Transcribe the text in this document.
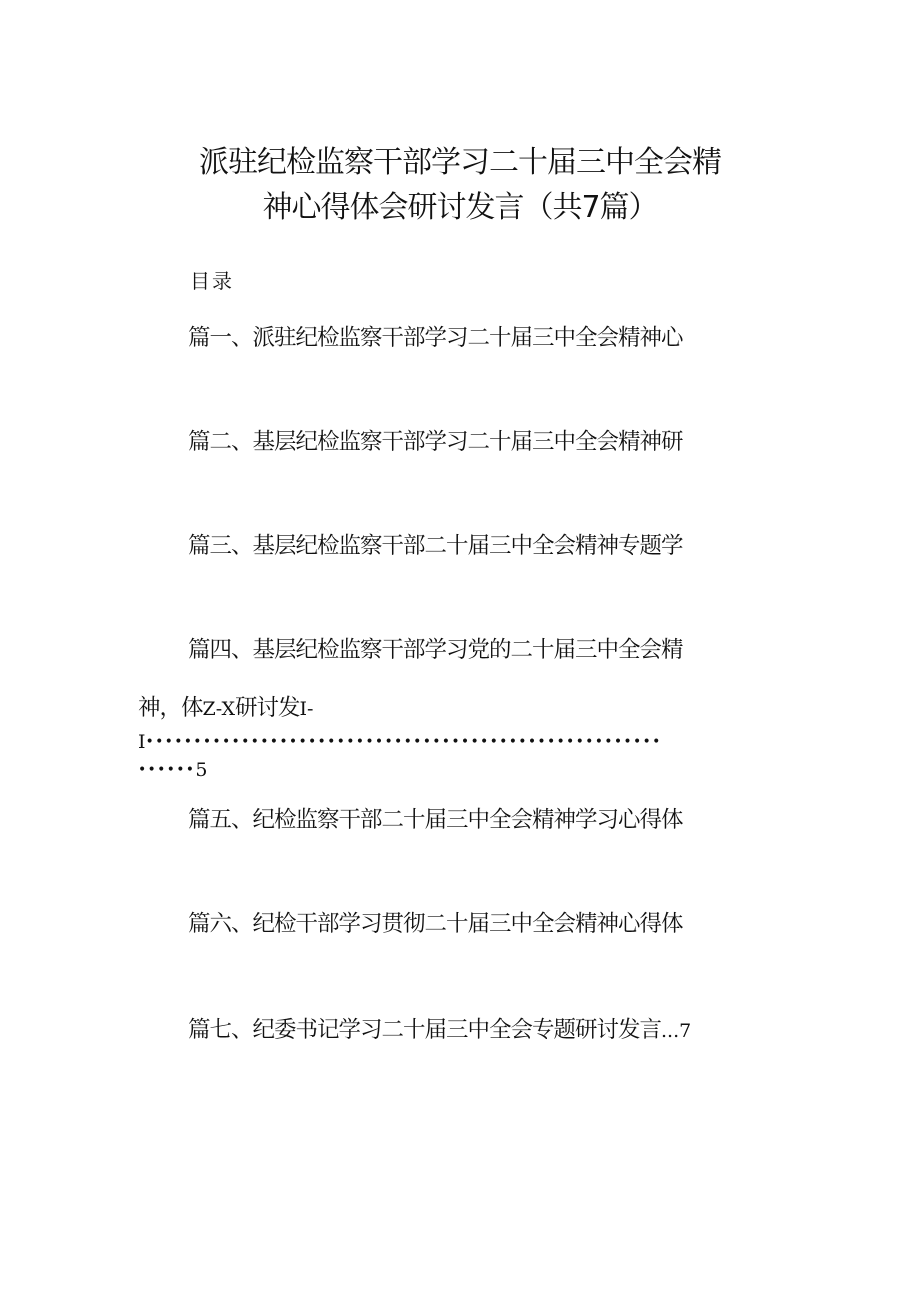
派驻纪检监察干部学习二十届三中全会精
神心得体会研讨发言（共7篇）
目录
篇一、派驻纪检监察干部学习二十届三中全会精神心
篇二、基层纪检监察干部学习二十届三中全会精神研
篇三、基层纪检监察干部二十届三中全会精神专题学
篇四、基层纪检监察干部学习党的二十届三中全会精
神，体Z-X研讨发I-
I••••••••••••••••••••••••••••••••••••••••••••••••••••••
••••••5
篇五、纪检监察干部二十届三中全会精神学习心得体
篇六、纪检干部学习贯彻二十届三中全会精神心得体
篇七、纪委书记学习二十届三中全会专题研讨发言...7
